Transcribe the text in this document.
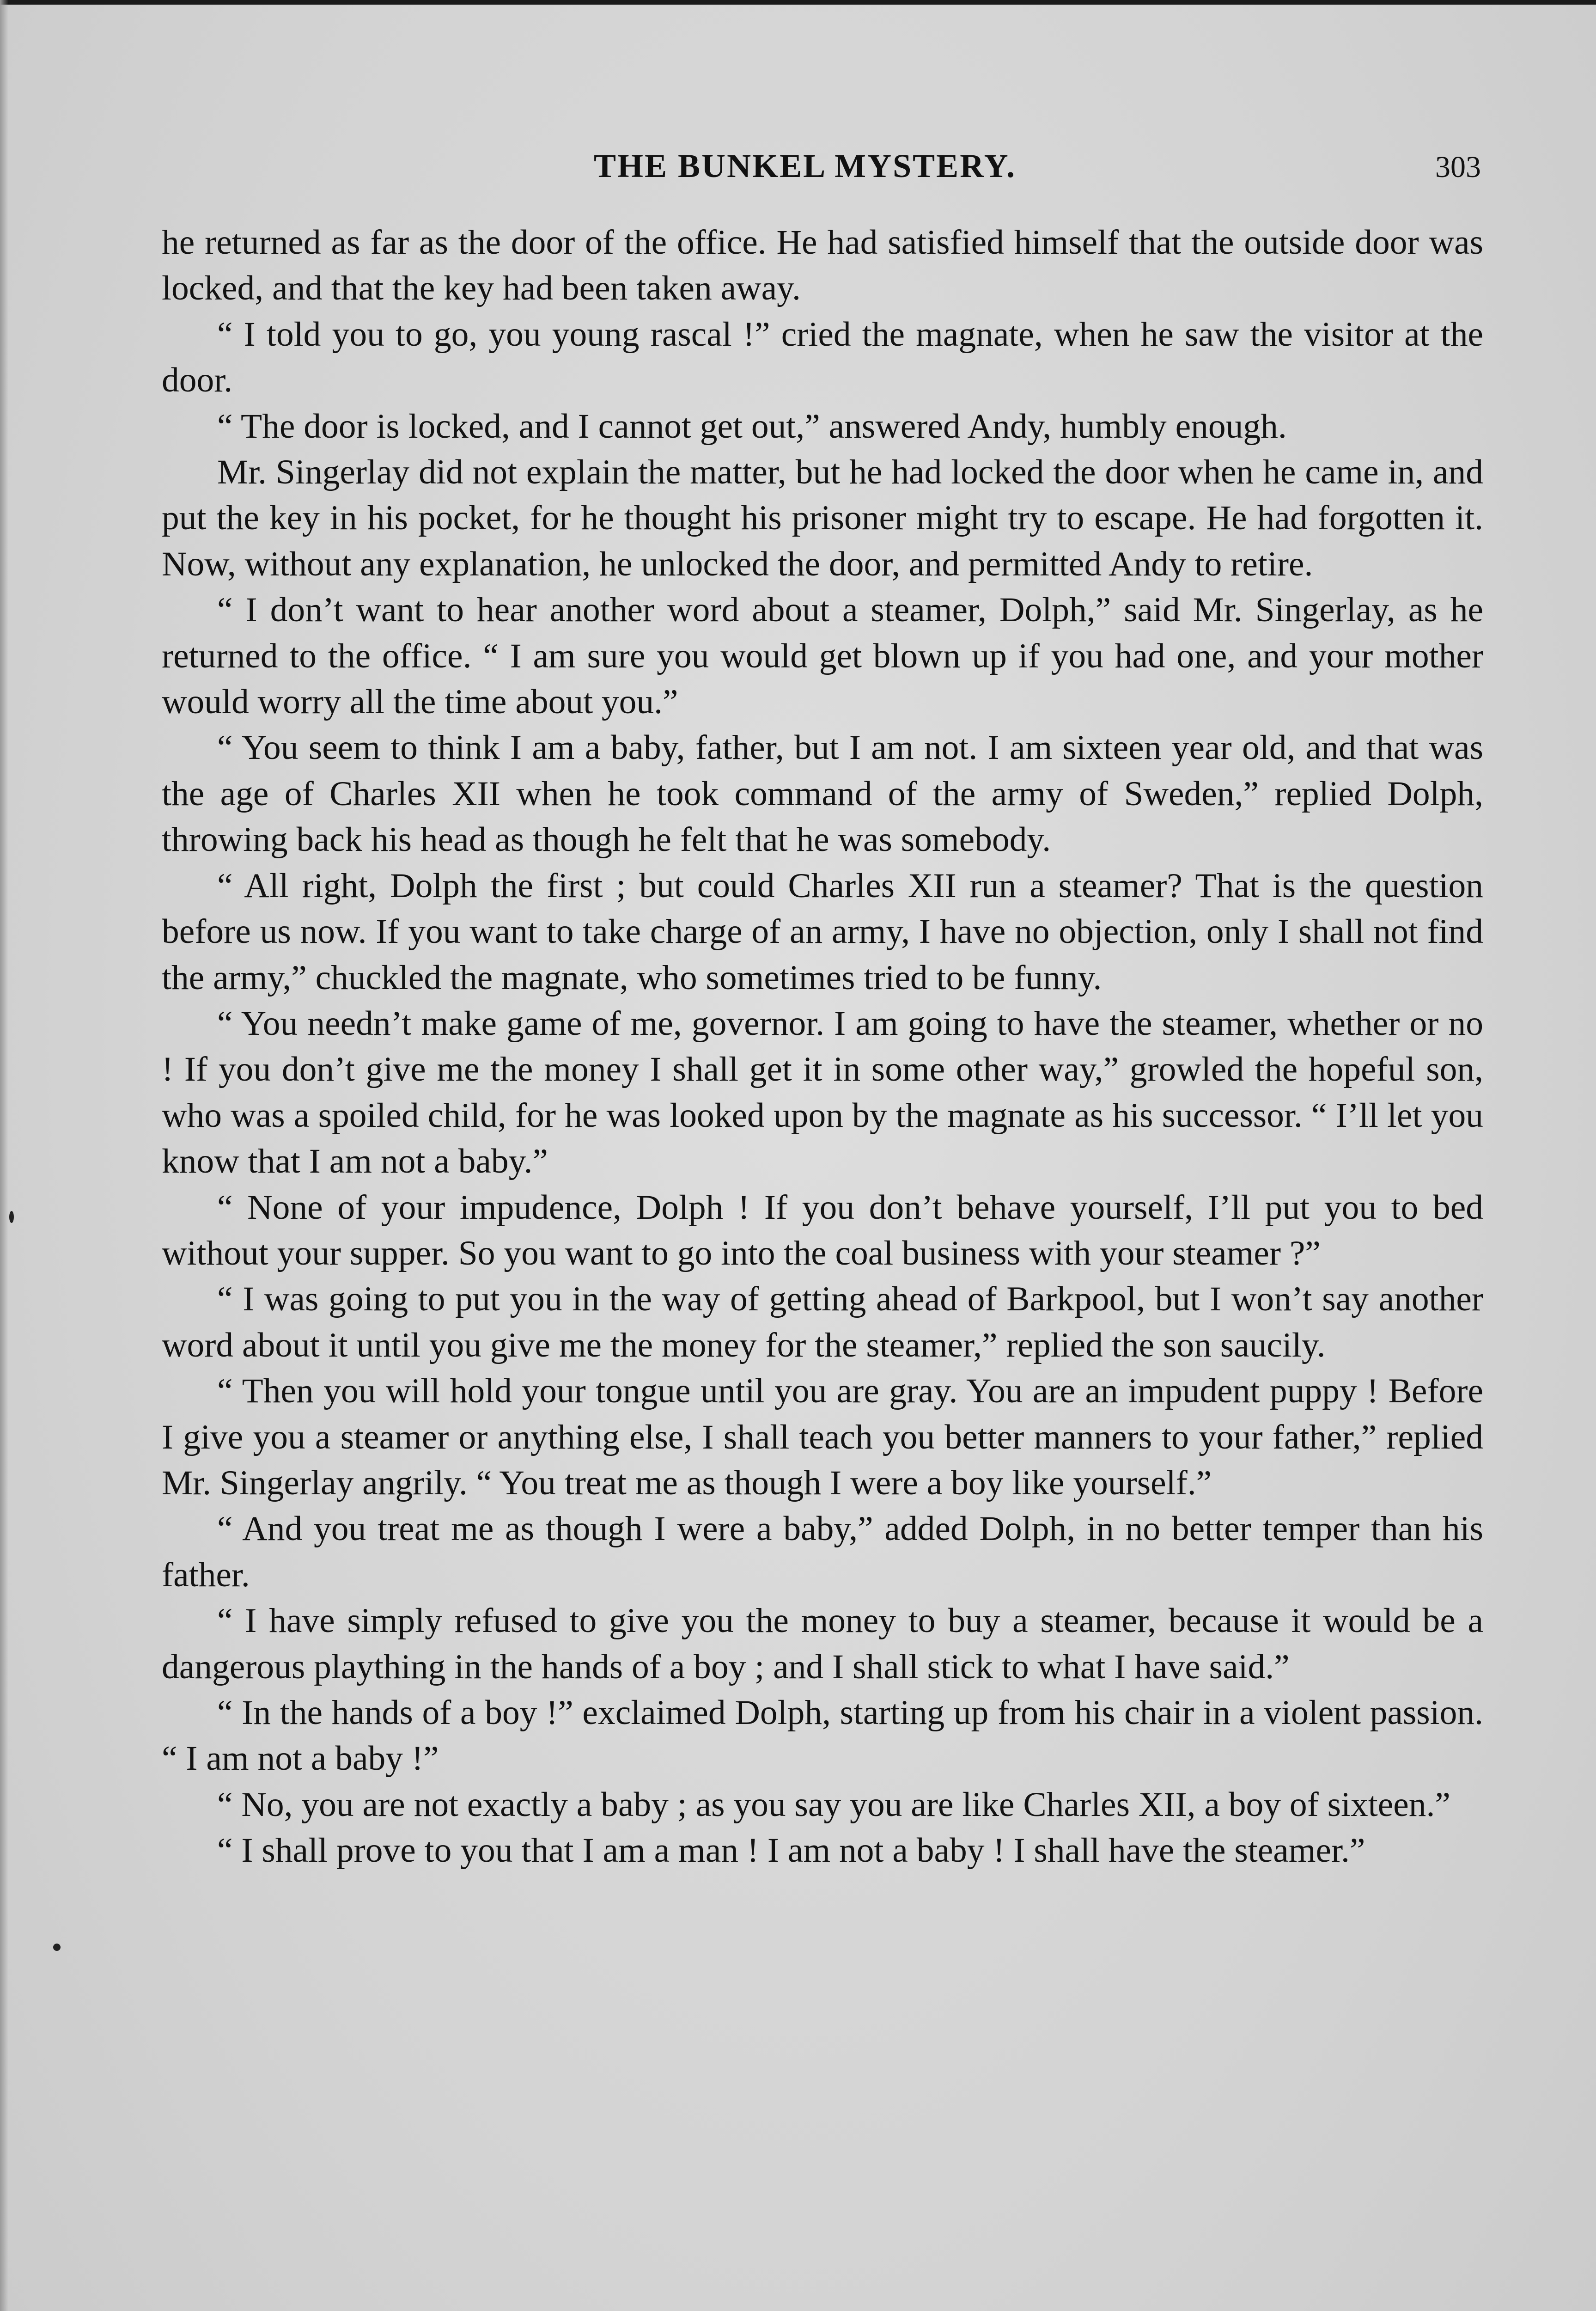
THE BUNKEL MYSTERY.	303

he returned as far as the door of the office. He had satisfied himself that the outside door was locked, and that the key had been taken away.

“ I told you to go, you young rascal !” cried the magnate, when he saw the visitor at the door.

“ The door is locked, and I cannot get out,” answered Andy, humbly enough.

Mr. Singerlay did not explain the matter, but he had locked the door when he came in, and put the key in his pocket, for he thought his prisoner might try to escape. He had forgotten it. Now, without any explanation, he unlocked the door, and permitted Andy to retire.

“ I don’t want to hear another word about a steamer, Dolph,” said Mr. Singerlay, as he returned to the office. “ I am sure you would get blown up if you had one, and your mother would worry all the time about you.”

“ You seem to think I am a baby, father, but I am not. I am sixteen year old, and that was the age of Charles XII when he took command of the army of Sweden,” replied Dolph, throwing back his head as though he felt that he was somebody.

“ All right, Dolph the first ; but could Charles XII run a steamer? That is the question before us now. If you want to take charge of an army, I have no objection, only I shall not find the army,” chuckled the magnate, who sometimes tried to be funny.

“ You needn’t make game of me, governor. I am going to have the steamer, whether or no ! If you don’t give me the money I shall get it in some other way,” growled the hopeful son, who was a spoiled child, for he was looked upon by the magnate as his successor. “ I’ll let you know that I am not a baby.”

“ None of your impudence, Dolph ! If you don’t behave yourself, I’ll put you to bed without your supper. So you want to go into the coal business with your steamer ?”

“ I was going to put you in the way of getting ahead of Barkpool, but I won’t say another word about it until you give me the money for the steamer,” replied the son saucily.

“ Then you will hold your tongue until you are gray. You are an impudent puppy ! Before I give you a steamer or anything else, I shall teach you better manners to your father,” replied Mr. Singerlay angrily. “ You treat me as though I were a boy like yourself.”

“ And you treat me as though I were a baby,” added Dolph, in no better temper than his father.

“ I have simply refused to give you the money to buy a steamer, because it would be a dangerous plaything in the hands of a boy ; and I shall stick to what I have said.”

“ In the hands of a boy !” exclaimed Dolph, starting up from his chair in a violent passion. “ I am not a baby !”

“ No, you are not exactly a baby ; as you say you are like Charles XII, a boy of sixteen.”

“ I shall prove to you that I am a man ! I am not a baby ! I shall have the steamer.”
